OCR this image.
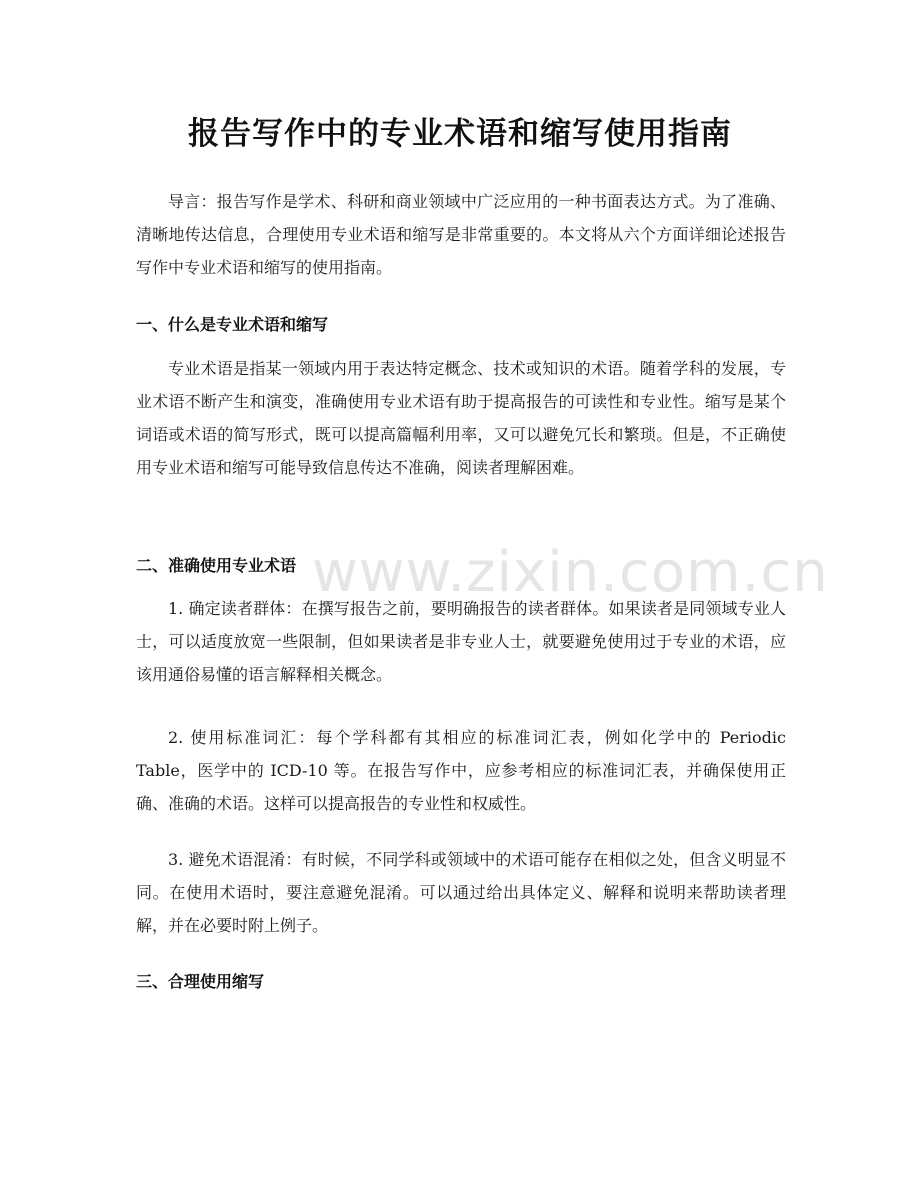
www.zixin.com.cn
报告写作中的专业术语和缩写使用指南

导言：报告写作是学术、科研和商业领域中广泛应用的一种书面表达方式。为了准确、清晰地传达信息，合理使用专业术语和缩写是非常重要的。本文将从六个方面详细论述报告写作中专业术语和缩写的使用指南。

一、什么是专业术语和缩写

专业术语是指某一领域内用于表达特定概念、技术或知识的术语。随着学科的发展，专业术语不断产生和演变，准确使用专业术语有助于提高报告的可读性和专业性。缩写是某个词语或术语的简写形式，既可以提高篇幅利用率，又可以避免冗长和繁琐。但是，不正确使用专业术语和缩写可能导致信息传达不准确，阅读者理解困难。

二、准确使用专业术语

1. 确定读者群体：在撰写报告之前，要明确报告的读者群体。如果读者是同领域专业人士，可以适度放宽一些限制，但如果读者是非专业人士，就要避免使用过于专业的术语，应该用通俗易懂的语言解释相关概念。

2. 使用标准词汇：每个学科都有其相应的标准词汇表，例如化学中的 Periodic Table，医学中的 ICD-10 等。在报告写作中，应参考相应的标准词汇表，并确保使用正确、准确的术语。这样可以提高报告的专业性和权威性。

3. 避免术语混淆：有时候，不同学科或领域中的术语可能存在相似之处，但含义明显不同。在使用术语时，要注意避免混淆。可以通过给出具体定义、解释和说明来帮助读者理解，并在必要时附上例子。

三、合理使用缩写
